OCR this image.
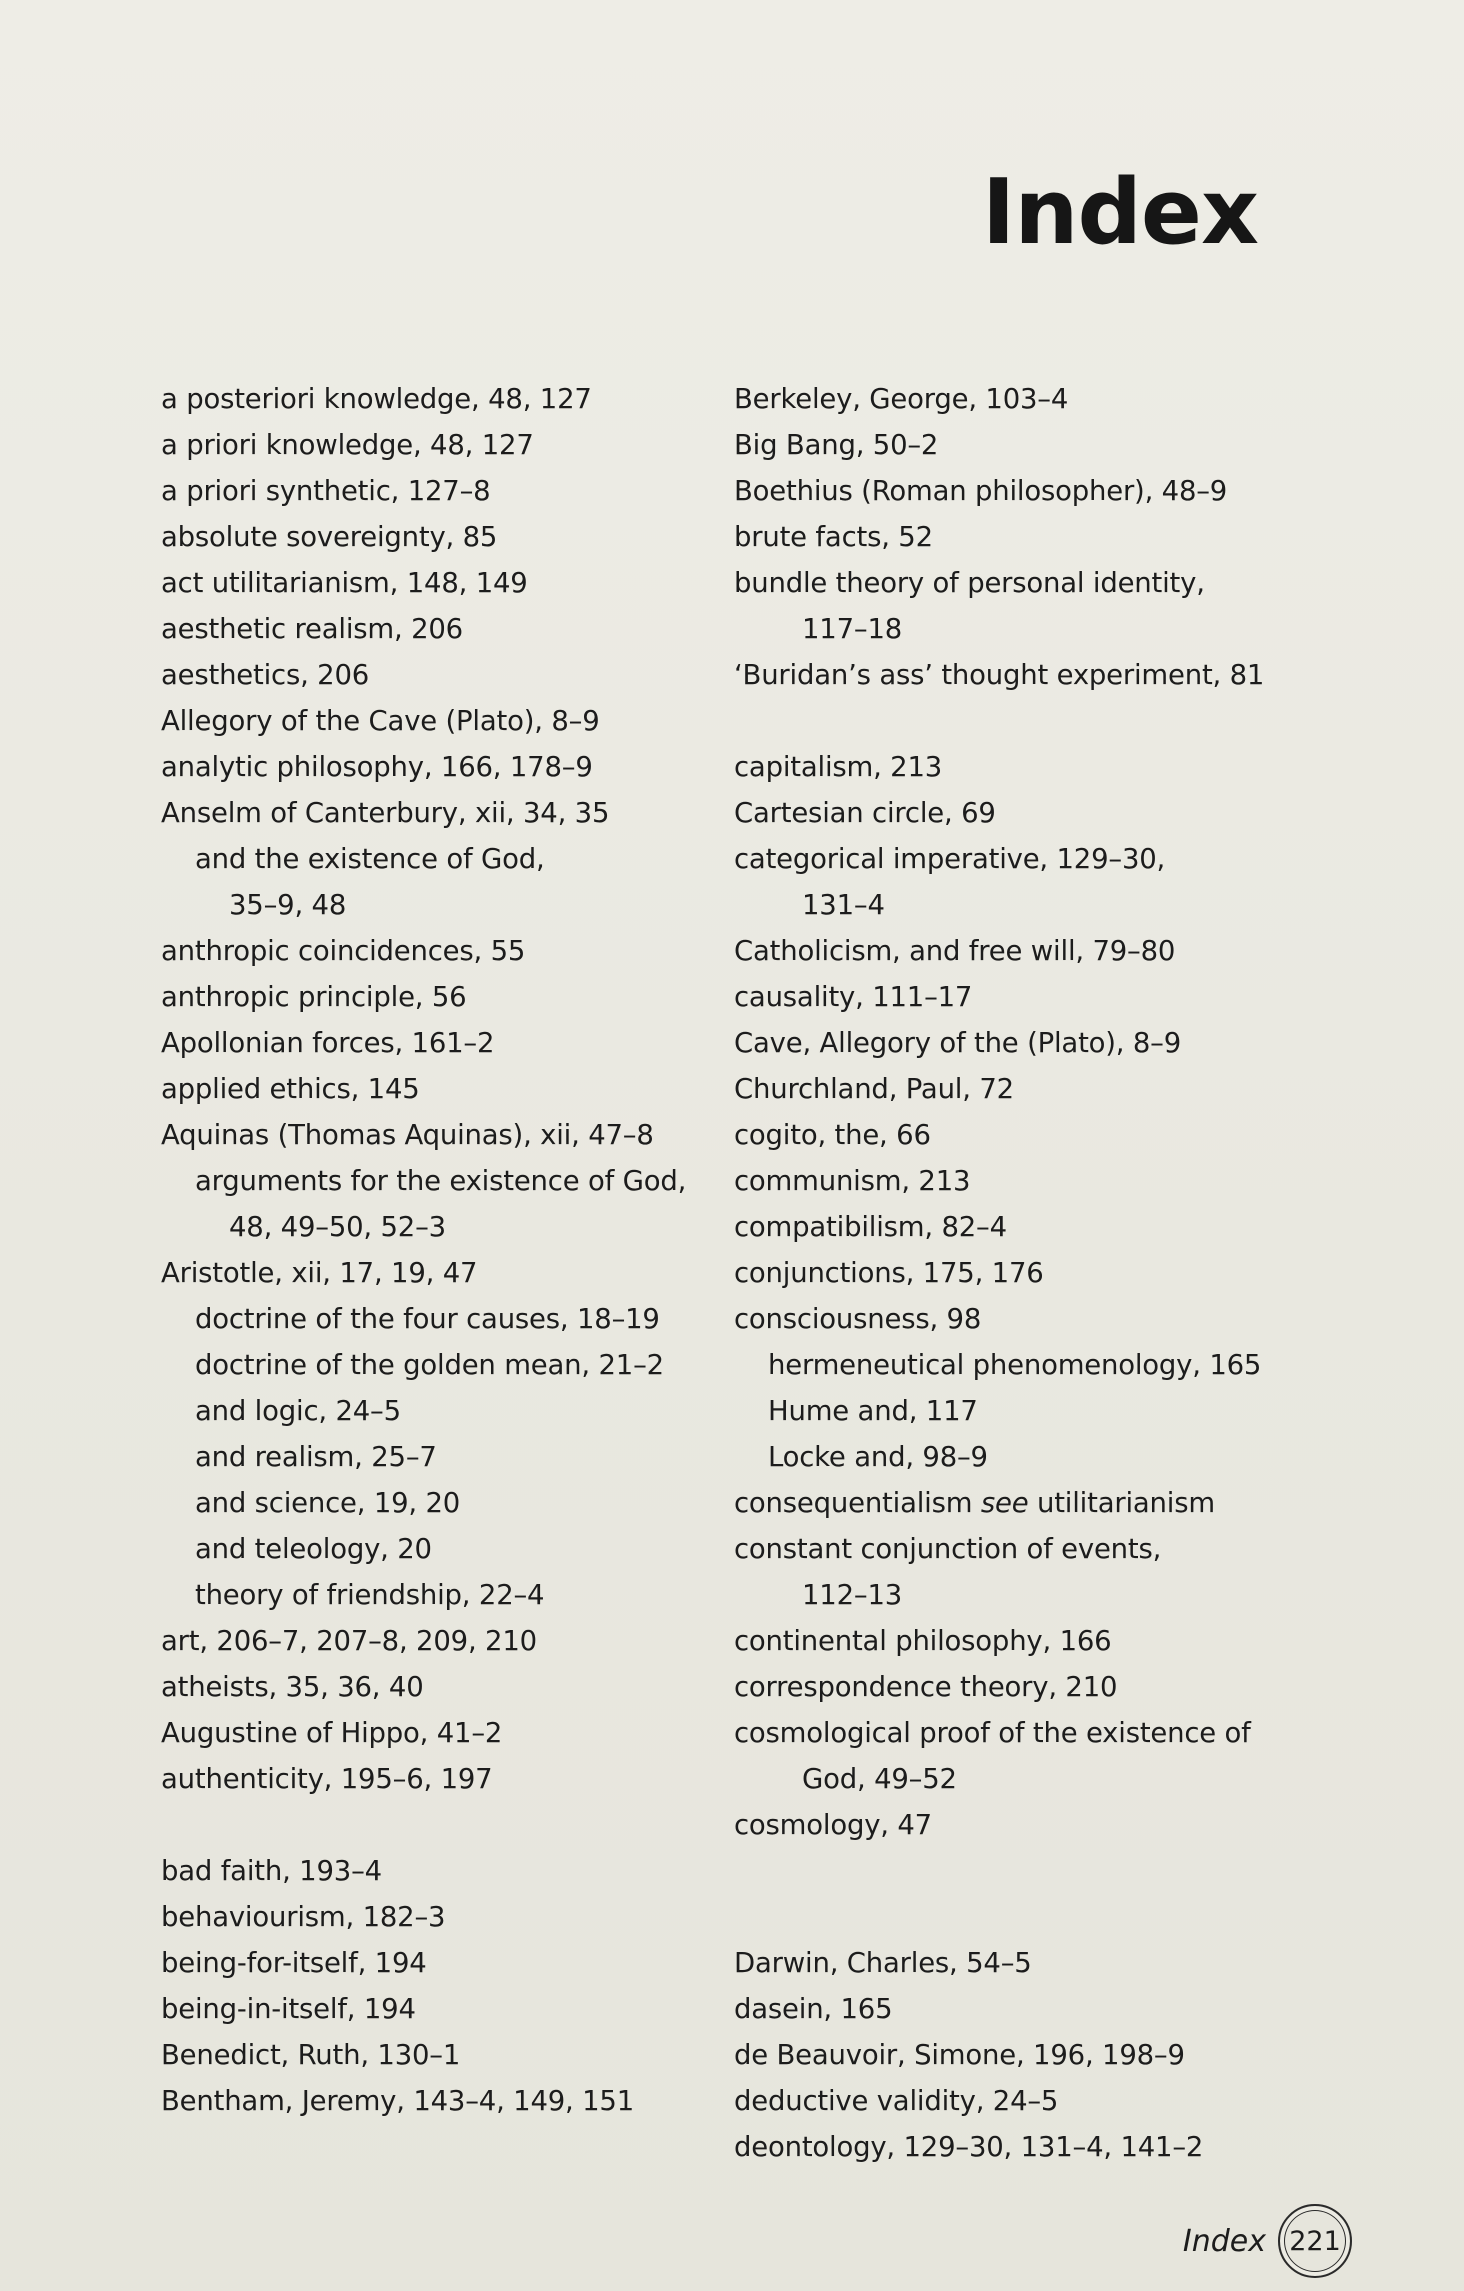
Index
a posteriori knowledge, 48, 127
a priori knowledge, 48, 127
a priori synthetic, 127–8
absolute sovereignty, 85
act utilitarianism, 148, 149
aesthetic realism, 206
aesthetics, 206
Allegory of the Cave (Plato), 8–9
analytic philosophy, 166, 178–9
Anselm of Canterbury, xii, 34, 35
and the existence of God,
35–9, 48
anthropic coincidences, 55
anthropic principle, 56
Apollonian forces, 161–2
applied ethics, 145
Aquinas (Thomas Aquinas), xii, 47–8
arguments for the existence of God,
48, 49–50, 52–3
Aristotle, xii, 17, 19, 47
doctrine of the four causes, 18–19
doctrine of the golden mean, 21–2
and logic, 24–5
and realism, 25–7
and science, 19, 20
and teleology, 20
theory of friendship, 22–4
art, 206–7, 207–8, 209, 210
atheists, 35, 36, 40
Augustine of Hippo, 41–2
authenticity, 195–6, 197
bad faith, 193–4
behaviourism, 182–3
being-for-itself, 194
being-in-itself, 194
Benedict, Ruth, 130–1
Bentham, Jeremy, 143–4, 149, 151
Berkeley, George, 103–4
Big Bang, 50–2
Boethius (Roman philosopher), 48–9
brute facts, 52
bundle theory of personal identity,
117–18
‘Buridan’s ass’ thought experiment, 81
capitalism, 213
Cartesian circle, 69
categorical imperative, 129–30,
131–4
Catholicism, and free will, 79–80
causality, 111–17
Cave, Allegory of the (Plato), 8–9
Churchland, Paul, 72
cogito, the, 66
communism, 213
compatibilism, 82–4
conjunctions, 175, 176
consciousness, 98
hermeneutical phenomenology, 165
Hume and, 117
Locke and, 98–9
consequentialism see utilitarianism
constant conjunction of events,
112–13
continental philosophy, 166
correspondence theory, 210
cosmological proof of the existence of
God, 49–52
cosmology, 47
Darwin, Charles, 54–5
dasein, 165
de Beauvoir, Simone, 196, 198–9
deductive validity, 24–5
deontology, 129–30, 131–4, 141–2
Index 221
